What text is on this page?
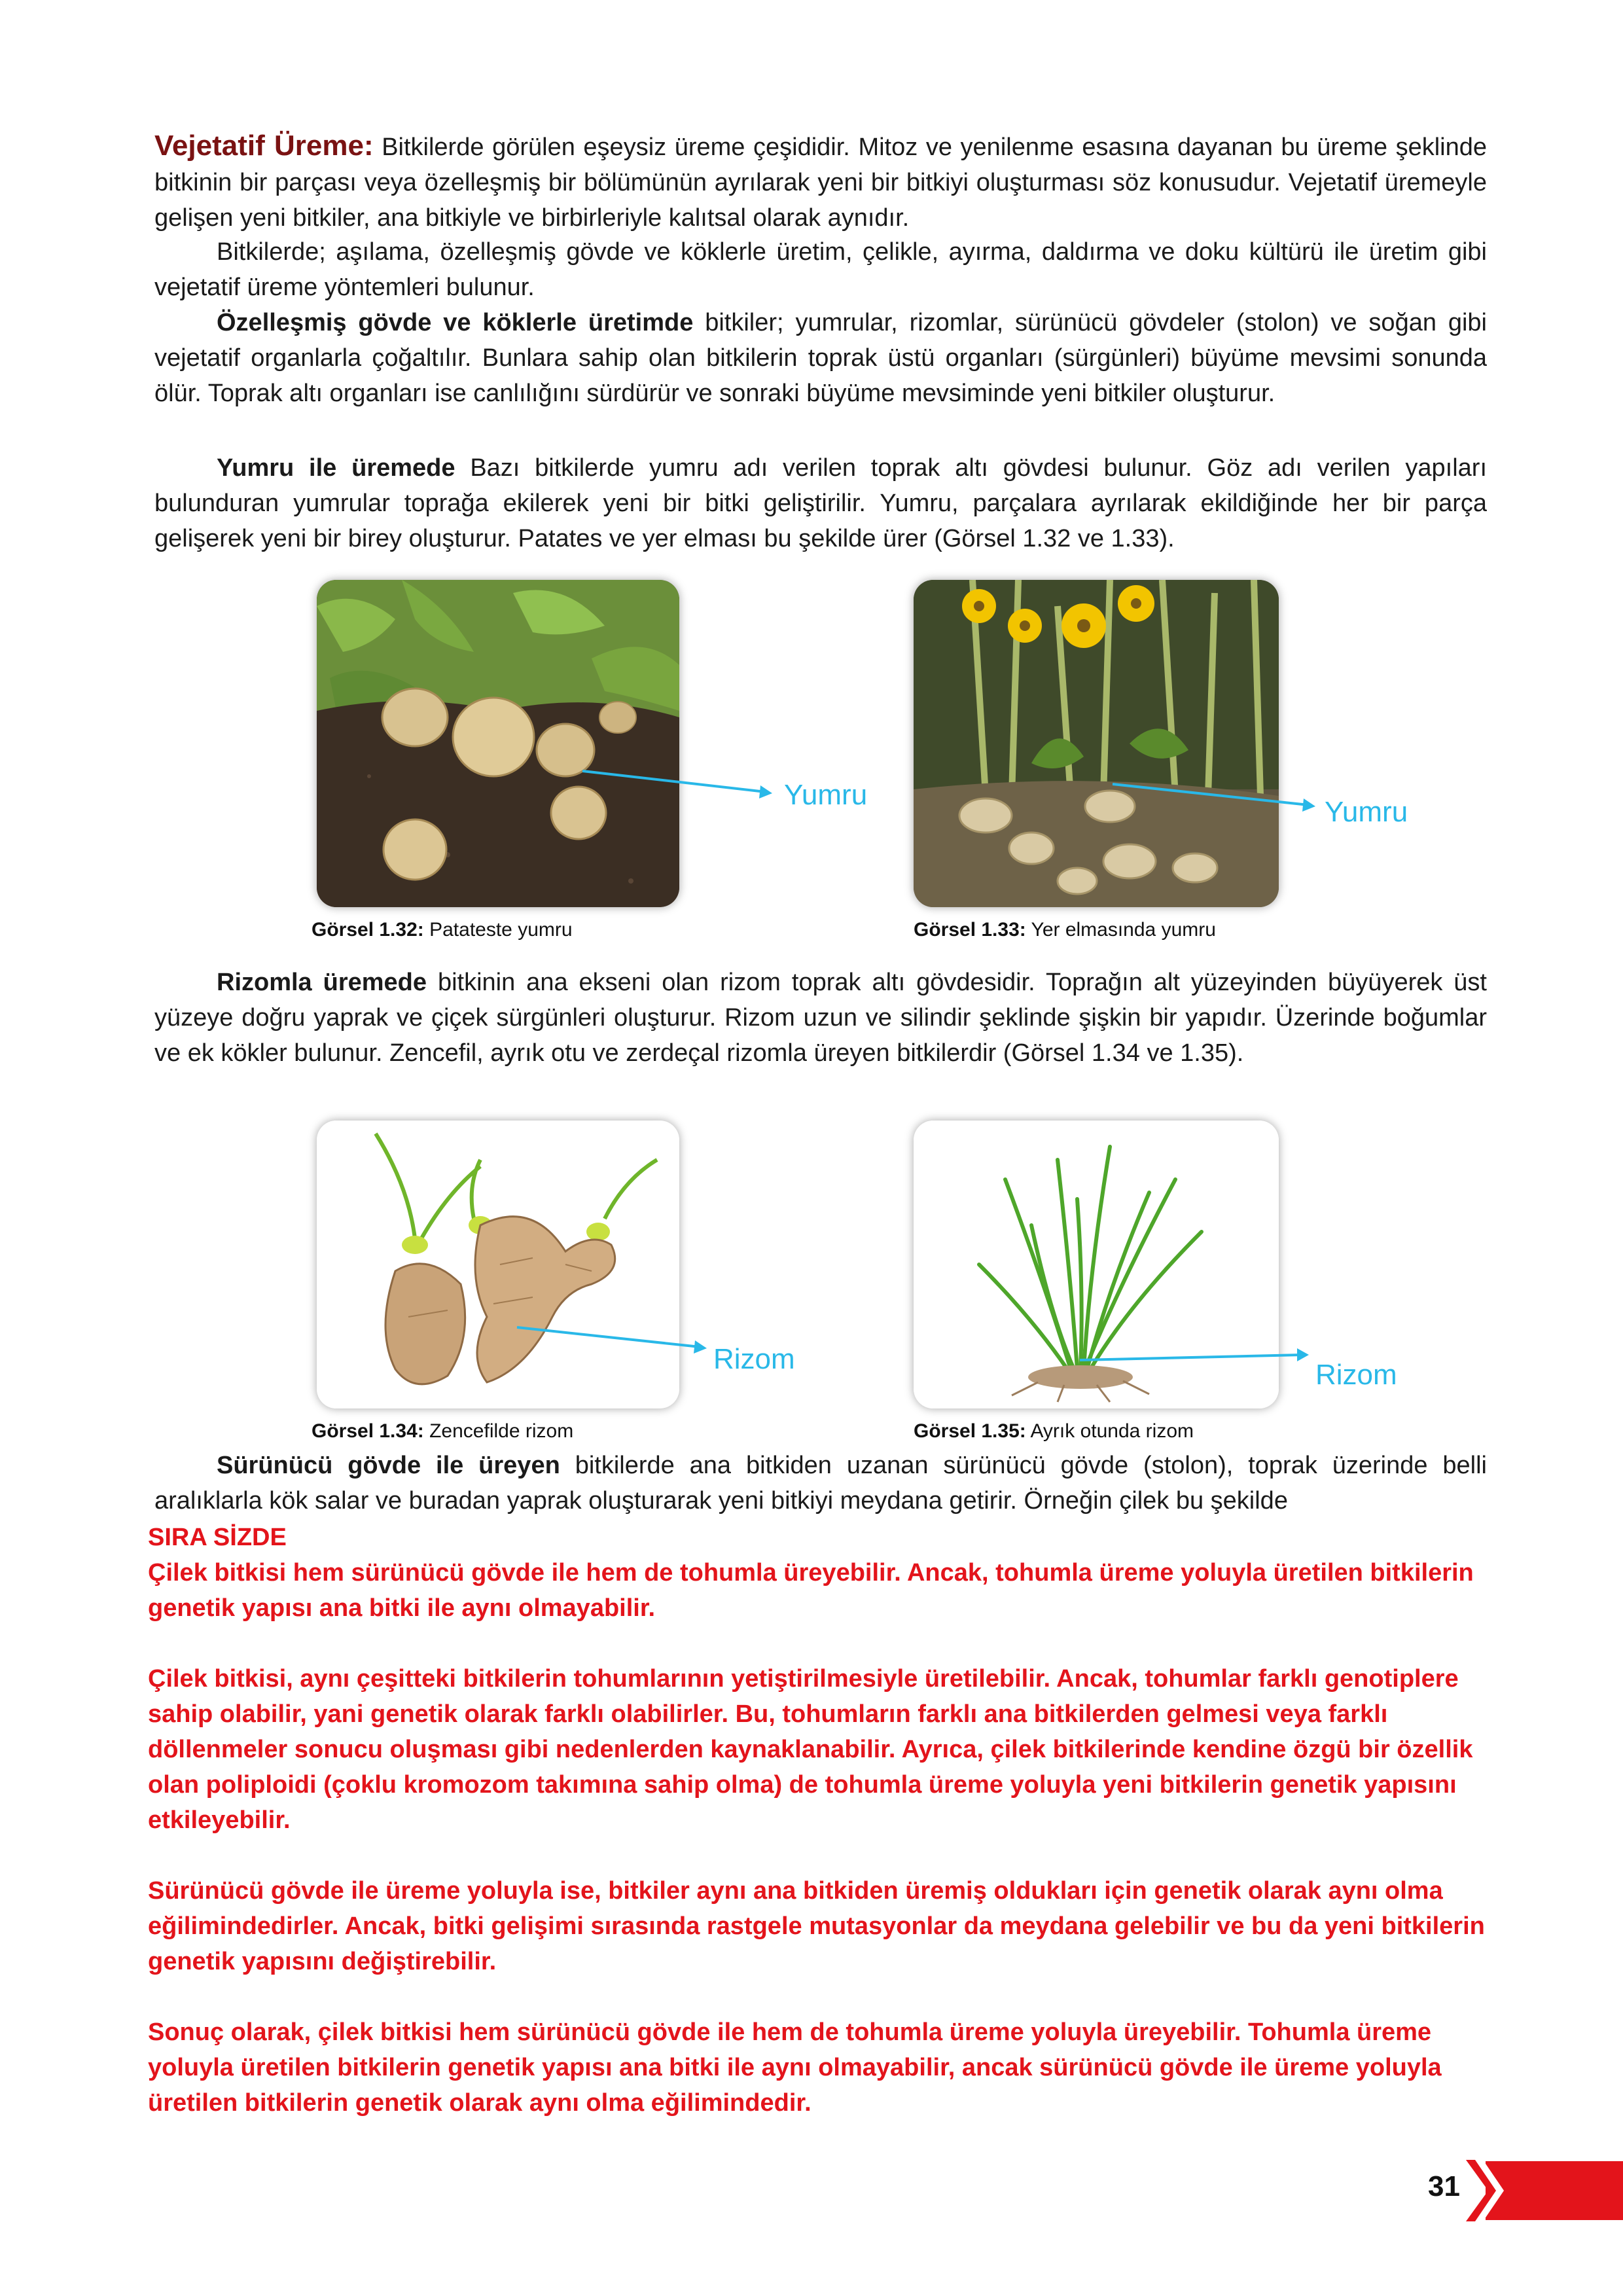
Vejetatif Üreme: Bitkilerde görülen eşeysiz üreme çeşididir. Mitoz ve yenilenme esasına dayanan bu üreme şeklinde bitkinin bir parçası veya özelleşmiş bir bölümünün ayrılarak yeni bir bitkiyi oluşturması söz konusudur. Vejetatif üremeyle gelişen yeni bitkiler, ana bitkiyle ve birbirleriyle kalıtsal olarak aynıdır.

Bitkilerde; aşılama, özelleşmiş gövde ve köklerle üretim, çelikle, ayırma, daldırma ve doku kültürü ile üretim gibi vejetatif üreme yöntemleri bulunur.

Özelleşmiş gövde ve köklerle üretimde bitkiler; yumrular, rizomlar, sürünücü gövdeler (stolon) ve soğan gibi vejetatif organlarla çoğaltılır. Bunlara sahip olan bitkilerin toprak üstü organları (sürgünleri) büyüme mevsimi sonunda ölür. Toprak altı organları ise canlılığını sürdürür ve sonraki büyüme mevsiminde yeni bitkiler oluşturur.

Yumru ile üremede Bazı bitkilerde yumru adı verilen toprak altı gövdesi bulunur. Göz adı verilen yapıları bulunduran yumrular toprağa ekilerek yeni bir bitki geliştirilir. Yumru, parçalara ayrılarak ekildiğinde her bir parça gelişerek yeni bir birey oluşturur. Patates ve yer elması bu şekilde ürer (Görsel 1.32 ve 1.33).

Yumru
Görsel 1.32: Patateste yumru
Yumru
Görsel 1.33: Yer elmasında yumru

Rizomla üremede bitkinin ana ekseni olan rizom toprak altı gövdesidir. Toprağın alt yüzeyinden büyüyerek üst yüzeye doğru yaprak ve çiçek sürgünleri oluşturur. Rizom uzun ve silindir şeklinde şişkin bir yapıdır. Üzerinde boğumlar ve ek kökler bulunur. Zencefil, ayrık otu ve zerdeçal rizomla üreyen bitkilerdir (Görsel 1.34 ve 1.35).

Rizom
Görsel 1.34: Zencefilde rizom
Rizom
Görsel 1.35: Ayrık otunda rizom

Sürünücü gövde ile üreyen bitkilerde ana bitkiden uzanan sürünücü gövde (stolon), toprak üzerinde belli aralıklarla kök salar ve buradan yaprak oluşturarak yeni bitkiyi meydana getirir. Örneğin çilek bu şekilde

SIRA SİZDE

Çilek bitkisi hem sürünücü gövde ile hem de tohumla üreyebilir. Ancak, tohumla üreme yoluyla üretilen bitkilerin genetik yapısı ana bitki ile aynı olmayabilir.

Çilek bitkisi, aynı çeşitteki bitkilerin tohumlarının yetiştirilmesiyle üretilebilir. Ancak, tohumlar farklı genotiplere sahip olabilir, yani genetik olarak farklı olabilirler. Bu, tohumların farklı ana bitkilerden gelmesi veya farklı döllenmeler sonucu oluşması gibi nedenlerden kaynaklanabilir. Ayrıca, çilek bitkilerinde kendine özgü bir özellik olan poliploidi (çoklu kromozom takımına sahip olma) de tohumla üreme yoluyla yeni bitkilerin genetik yapısını etkileyebilir.

Sürünücü gövde ile üreme yoluyla ise, bitkiler aynı ana bitkiden üremiş oldukları için genetik olarak aynı olma eğilimindedirler. Ancak, bitki gelişimi sırasında rastgele mutasyonlar da meydana gelebilir ve bu da yeni bitkilerin genetik yapısını değiştirebilir.

Sonuç olarak, çilek bitkisi hem sürünücü gövde ile hem de tohumla üreme yoluyla üreyebilir. Tohumla üreme yoluyla üretilen bitkilerin genetik yapısı ana bitki ile aynı olmayabilir, ancak sürünücü gövde ile üreme yoluyla üretilen bitkilerin genetik olarak aynı olma eğilimindedir.

31
